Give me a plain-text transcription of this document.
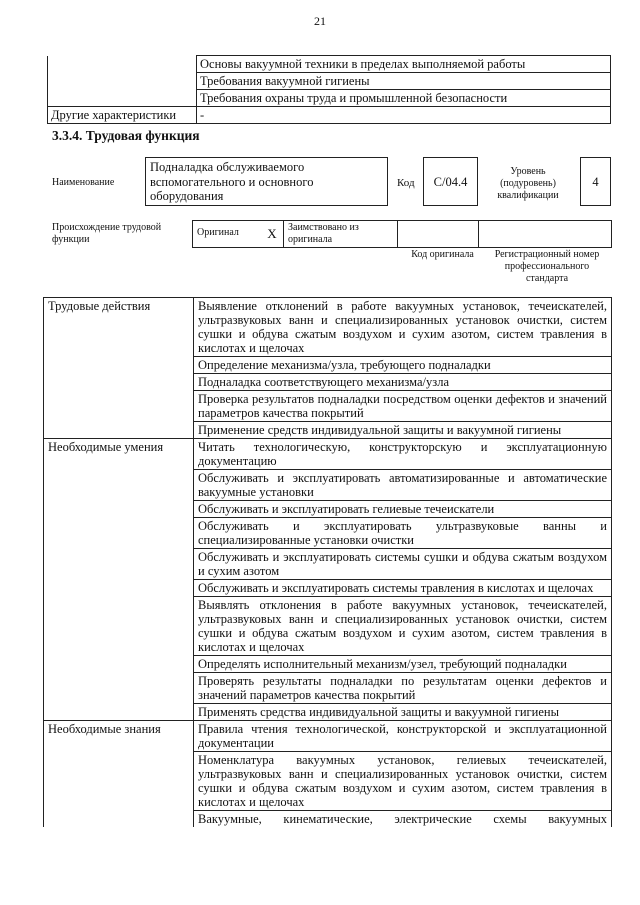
21
	Основы вакуумной техники в пределах выполняемой работы
	Требования вакуумной гигиены
	Требования охраны труда и промышленной безопасности
Другие характеристики	-
3.3.4. Трудовая функция
Наименование
Подналадка обслуживаемого вспомогательного и основного оборудования
Код	С/04.4
Уровень (подуровень) квалификации
4
Происхождение трудовой функции
Оригинал	X	Заимствовано из оригинала		
Код оригинала	Регистрационный номер профессионального стандарта
Трудовые действия	Выявление отклонений в работе вакуумных установок, течеискателей, ультразвуковых ванн и специализированных установок очистки, систем сушки и обдува сжатым воздухом и сухим азотом, систем травления в кислотах и щелочах
	Определение механизма/узла, требующего подналадки
	Подналадка соответствующего механизма/узла
	Проверка результатов подналадки посредством оценки дефектов и значений параметров качества покрытий
	Применение средств индивидуальной защиты и вакуумной гигиены
Необходимые умения	Читать технологическую, конструкторскую и эксплуатационную документацию
	Обслуживать и эксплуатировать автоматизированные и автоматические вакуумные установки
	Обслуживать и эксплуатировать гелиевые течеискатели
	Обслуживать и эксплуатировать ультразвуковые ванны и специализированные установки очистки
	Обслуживать и эксплуатировать системы сушки и обдува сжатым воздухом и сухим азотом
	Обслуживать и эксплуатировать системы травления в кислотах и щелочах
	Выявлять отклонения в работе вакуумных установок, течеискателей, ультразвуковых ванн и специализированных установок очистки, систем сушки и обдува сжатым воздухом и сухим азотом, систем травления в кислотах и щелочах
	Определять исполнительный механизм/узел, требующий подналадки
	Проверять результаты подналадки по результатам оценки дефектов и значений параметров качества покрытий
	Применять средства индивидуальной защиты и вакуумной гигиены
Необходимые знания	Правила чтения технологической, конструкторской и эксплуатационной документации
	Номенклатура вакуумных установок, гелиевых течеискателей, ультразвуковых ванн и специализированных установок очистки, систем сушки и обдува сжатым воздухом и сухим азотом, систем травления в кислотах и щелочах
	Вакуумные, кинематические, электрические схемы вакуумных
